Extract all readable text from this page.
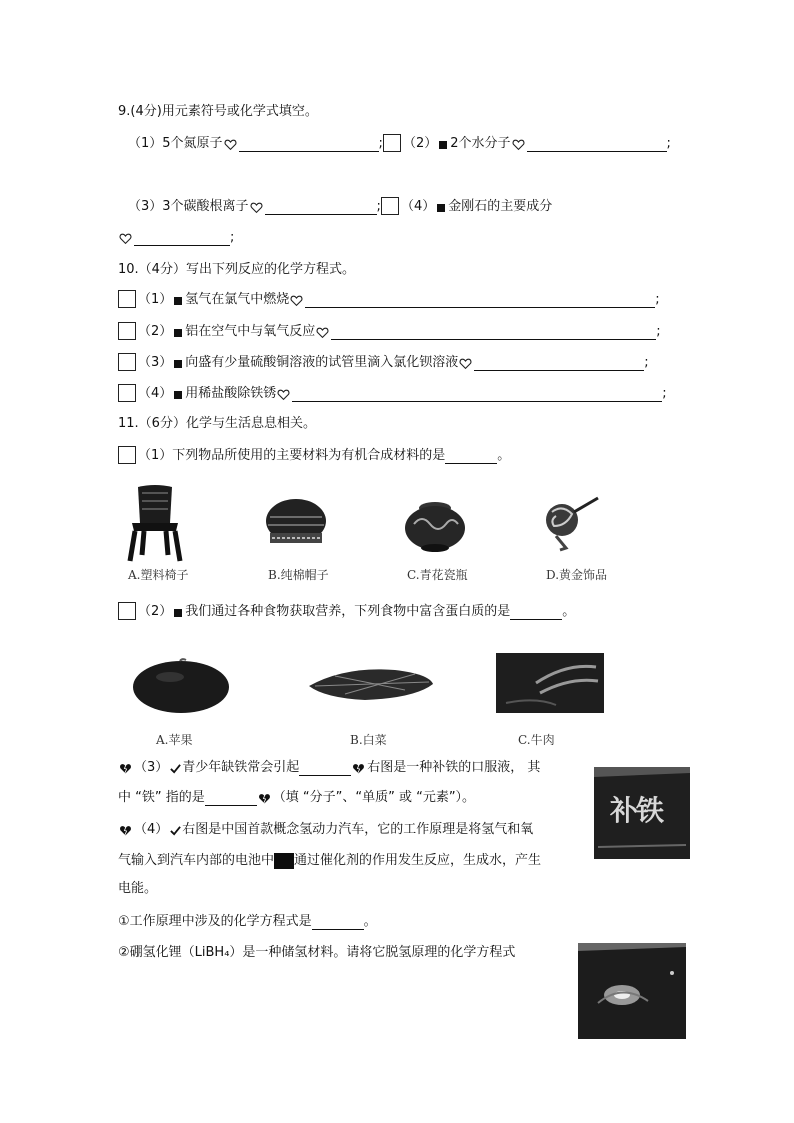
9.(4分)用元素符号或化学式填空。
（1）5个氮原子	; （2） 2个水分子	;
（3）3个碳酸根离子	; （4） 金刚石的主要成分
;
10.（4分）写出下列反应的化学方程式。
（1） 氢气在氯气中燃烧	;
（2） 铝在空气中与氧气反应	;
（3） 向盛有少量硫酸铜溶液的试管里滴入氯化钡溶液	;
（4） 用稀盐酸除铁锈	;
11.（6分）化学与生活息息相关。
（1）下列物品所使用的主要材料为有机合成材料的是	。
A.塑料椅子	B.纯棉帽子	C.青花瓷瓶	D.黄金饰品
（2） 我们通过各种食物获取营养，下列食物中富含蛋白质的是	。
A.苹果	B.白菜	C.牛肉
（3） 青少年缺铁常会引起	右图是一种补铁的口服液， 其
中 “铁” 指的是	（填 “分子”、“单质” 或 “元素”）。	补铁
（4） 右图是中国首款概念氢动力汽车，它的工作原理是将氢气和氧
气输入到汽车内部的电池中 通过催化剂的作用发生反应，生成水，产生
电能。
①工作原理中涉及的化学方程式是	。
②硼氢化锂（LiBH₄）是一种储氢材料。请将它脱氢原理的化学方程式
